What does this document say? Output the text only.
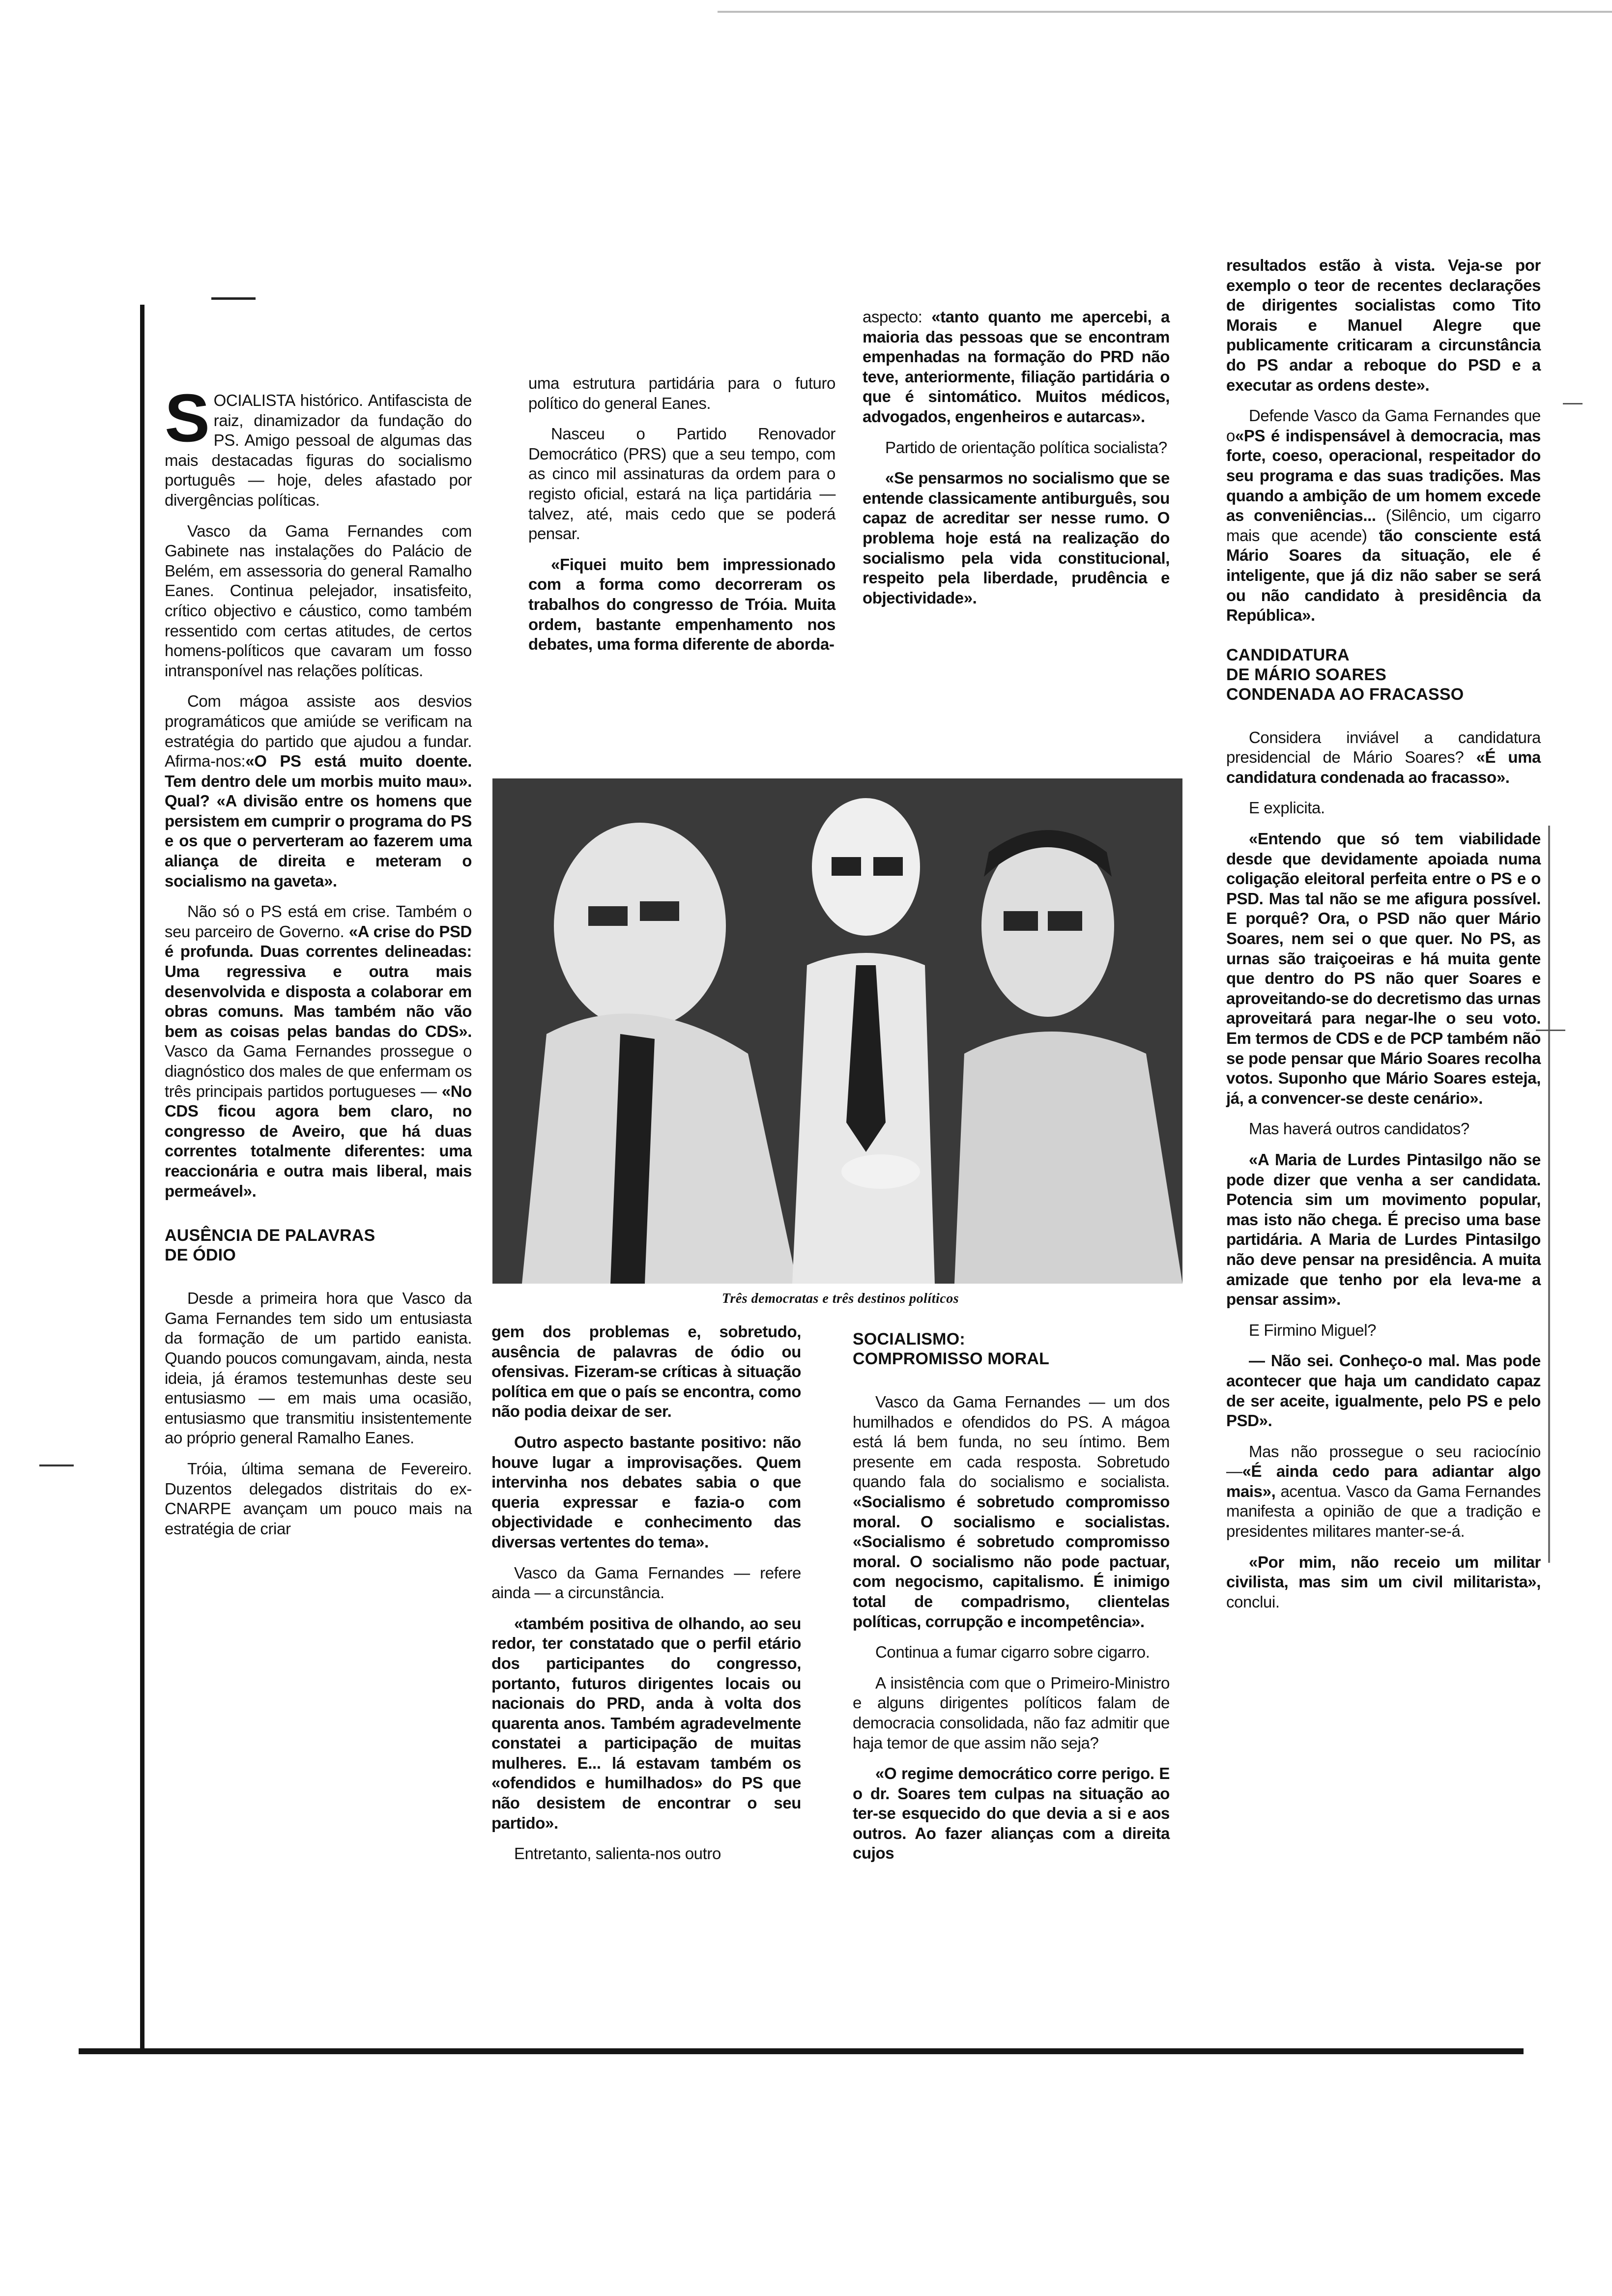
SOCIALISTA histórico. Antifascista de raiz, dinamizador da fundação do PS. Amigo pessoal de algumas das mais destacadas figuras do socialismo português — hoje, deles afastado por divergências políticas.

Vasco da Gama Fernandes com Gabinete nas instalações do Palácio de Belém, em assessoria do general Ramalho Eanes. Continua pelejador, insatisfeito, crítico objectivo e cáustico, como também ressentido com certas atitudes, de certos homens-políticos que cavaram um fosso intransponível nas relações políticas.

Com mágoa assiste aos desvios programáticos que amiúde se verificam na estratégia do partido que ajudou a fundar. Afirma-nos:«O PS está muito doente. Tem dentro dele um morbis muito mau». Qual? «A divisão entre os homens que persistem em cumprir o programa do PS e os que o perverteram ao fazerem uma aliança de direita e meteram o socialismo na gaveta».

Não só o PS está em crise. Também o seu parceiro de Governo. «A crise do PSD é profunda. Duas correntes delineadas: Uma regressiva e outra mais desenvolvida e disposta a colaborar em obras comuns. Mas também não vão bem as coisas pelas bandas do CDS». Vasco da Gama Fernandes prossegue o diagnóstico dos males de que enfermam os três principais partidos portugueses — «No CDS ficou agora bem claro, no congresso de Aveiro, que há duas correntes totalmente diferentes: uma reaccionária e outra mais liberal, mais permeável».

AUSÊNCIA DE PALAVRAS
DE ÓDIO

Desde a primeira hora que Vasco da Gama Fernandes tem sido um entusiasta da formação de um partido eanista. Quando poucos comungavam, ainda, nesta ideia, já éramos testemunhas deste seu entusiasmo — em mais uma ocasião, entusiasmo que transmitiu insistentemente ao próprio general Ramalho Eanes.

Tróia, última semana de Fevereiro. Duzentos delegados distritais do ex-CNARPE avançam um pouco mais na estratégia de criar

uma estrutura partidária para o futuro político do general Eanes.

Nasceu o Partido Renovador Democrático (PRS) que a seu tempo, com as cinco mil assinaturas da ordem para o registo oficial, estará na liça partidária — talvez, até, mais cedo que se poderá pensar.

«Fiquei muito bem impressionado com a forma como decorreram os trabalhos do congresso de Tróia. Muita ordem, bastante empenhamento nos debates, uma forma diferente de aborda-

aspecto: «tanto quanto me apercebi, a maioria das pessoas que se encontram empenhadas na formação do PRD não teve, anteriormente, filiação partidária o que é sintomático. Muitos médicos, advogados, engenheiros e autarcas».

Partido de orientação política socialista?

«Se pensarmos no socialismo que se entende classicamente antiburguês, sou capaz de acreditar ser nesse rumo. O problema hoje está na realização do socialismo pela vida constitucional, respeito pela liberdade, prudência e objectividade».

resultados estão à vista. Veja-se por exemplo o teor de recentes declarações de dirigentes socialistas como Tito Morais e Manuel Alegre que publicamente criticaram a circunstância do PS andar a reboque do PSD e a executar as ordens deste».

Defende Vasco da Gama Fernandes que o«PS é indispensável à democracia, mas forte, coeso, operacional, respeitador do seu programa e das suas tradições. Mas quando a ambição de um homem excede as conveniências... (Silêncio, um cigarro mais que acende) tão consciente está Mário Soares da situação, ele é inteligente, que já diz não saber se será ou não candidato à presidência da República».

CANDIDATURA
DE MÁRIO SOARES
CONDENADA AO FRACASSO

Considera inviável a candidatura presidencial de Mário Soares? «É uma candidatura condenada ao fracasso».

E explicita.

«Entendo que só tem viabilidade desde que devidamente apoiada numa coligação eleitoral perfeita entre o PS e o PSD. Mas tal não se me afigura possível. E porquê? Ora, o PSD não quer Mário Soares, nem sei o que quer. No PS, as urnas são traiçoeiras e há muita gente que dentro do PS não quer Soares e aproveitando-se do decretismo das urnas aproveitará para negar-lhe o seu voto. Em termos de CDS e de PCP também não se pode pensar que Mário Soares recolha votos. Suponho que Mário Soares esteja, já, a convencer-se deste cenário».

Mas haverá outros candidatos?

«A Maria de Lurdes Pintasilgo não se pode dizer que venha a ser candidata. Potencia sim um movimento popular, mas isto não chega. É preciso uma base partidária. A Maria de Lurdes Pintasilgo não deve pensar na presidência. A muita amizade que tenho por ela leva-me a pensar assim».

E Firmino Miguel?

— Não sei. Conheço-o mal. Mas pode acontecer que haja um candidato capaz de ser aceite, igualmente, pelo PS e pelo PSD».

Mas não prossegue o seu raciocínio —«É ainda cedo para adiantar algo mais», acentua. Vasco da Gama Fernandes manifesta a opinião de que a tradição e presidentes militares manter-se-á.

«Por mim, não receio um militar civilista, mas sim um civil militarista», conclui.

Três democratas e três destinos políticos

gem dos problemas e, sobretudo, ausência de palavras de ódio ou ofensivas. Fizeram-se críticas à situação política em que o país se encontra, como não podia deixar de ser.

Outro aspecto bastante positivo: não houve lugar a improvisações. Quem intervinha nos debates sabia o que queria expressar e fazia-o com objectividade e conhecimento das diversas vertentes do tema».

Vasco da Gama Fernandes — refere ainda — a circunstância.

«também positiva de olhando, ao seu redor, ter constatado que o perfil etário dos participantes do congresso, portanto, futuros dirigentes locais ou nacionais do PRD, anda à volta dos quarenta anos. Também agradevelmente constatei a participação de muitas mulheres. E... lá estavam também os «ofendidos e humilhados» do PS que não desistem de encontrar o seu partido».

Entretanto, salienta-nos outro

SOCIALISMO:
COMPROMISSO MORAL

Vasco da Gama Fernandes — um dos humilhados e ofendidos do PS. A mágoa está lá bem funda, no seu íntimo. Bem presente em cada resposta. Sobretudo quando fala do socialismo e socialista. «Socialismo é sobretudo compromisso moral. O socialismo e socialistas. «Socialismo é sobretudo compromisso moral. O socialismo não pode pactuar, com negocismo, capitalismo. É inimigo total de compadrismo, clientelas políticas, corrupção e incompetência».

Continua a fumar cigarro sobre cigarro.

A insistência com que o Primeiro-Ministro e alguns dirigentes políticos falam de democracia consolidada, não faz admitir que haja temor de que assim não seja?

«O regime democrático corre perigo. E o dr. Soares tem culpas na situação ao ter-se esquecido do que devia a si e aos outros. Ao fazer alianças com a direita cujos
